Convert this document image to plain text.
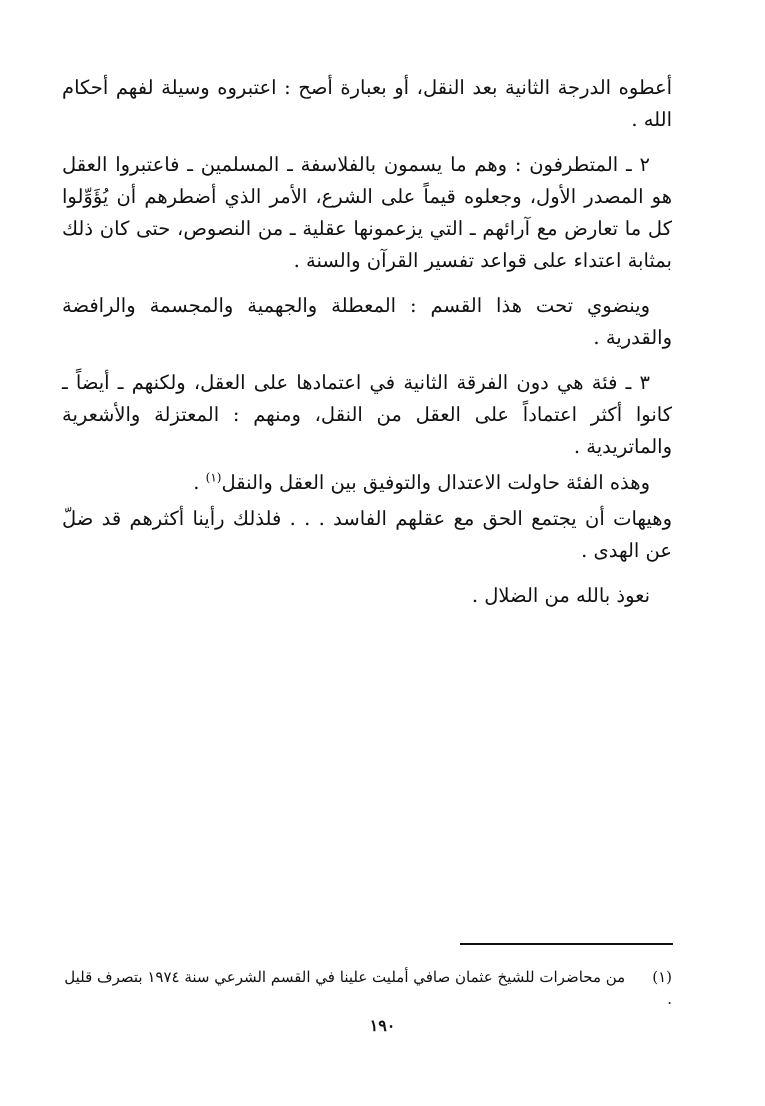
أعطوه الدرجة الثانية بعد النقل، أو بعبارة أصح : اعتبروه وسيلة لفهم أحكام الله .

٢ ـ المتطرفون : وهم ما يسمون بالفلاسفة ـ المسلمين ـ فاعتبروا العقل هو المصدر الأول، وجعلوه قيماً على الشرع، الأمر الذي أضطرهم أن يُؤَوِّلوا كل ما تعارض مع آرائهم ـ التي يزعمونها عقلية ـ من النصوص، حتى كان ذلك بمثابة اعتداء على قواعد تفسير القرآن والسنة .

وينضوي تحت هذا القسم : المعطلة والجهمية والمجسمة والرافضة والقدرية .

٣ ـ فئة هي دون الفرقة الثانية في اعتمادها على العقل، ولكنهم ـ أيضاً ـ كانوا أكثر اعتماداً على العقل من النقل، ومنهم : المعتزلة والأشعرية والماتريدية .

وهذه الفئة حاولت الاعتدال والتوفيق بين العقل والنقل$^{(١)}$ .

وهيهات أن يجتمع الحق مع عقلهم الفاسد . . . فلذلك رأينا أكثرهم قد ضلّ عن الهدى .

نعوذ بالله من الضلال .

(١) من محاضرات للشيخ عثمان صافي أمليت علينا في القسم الشرعي سنة ١٩٧٤ بتصرف قليل .
١٩٠
